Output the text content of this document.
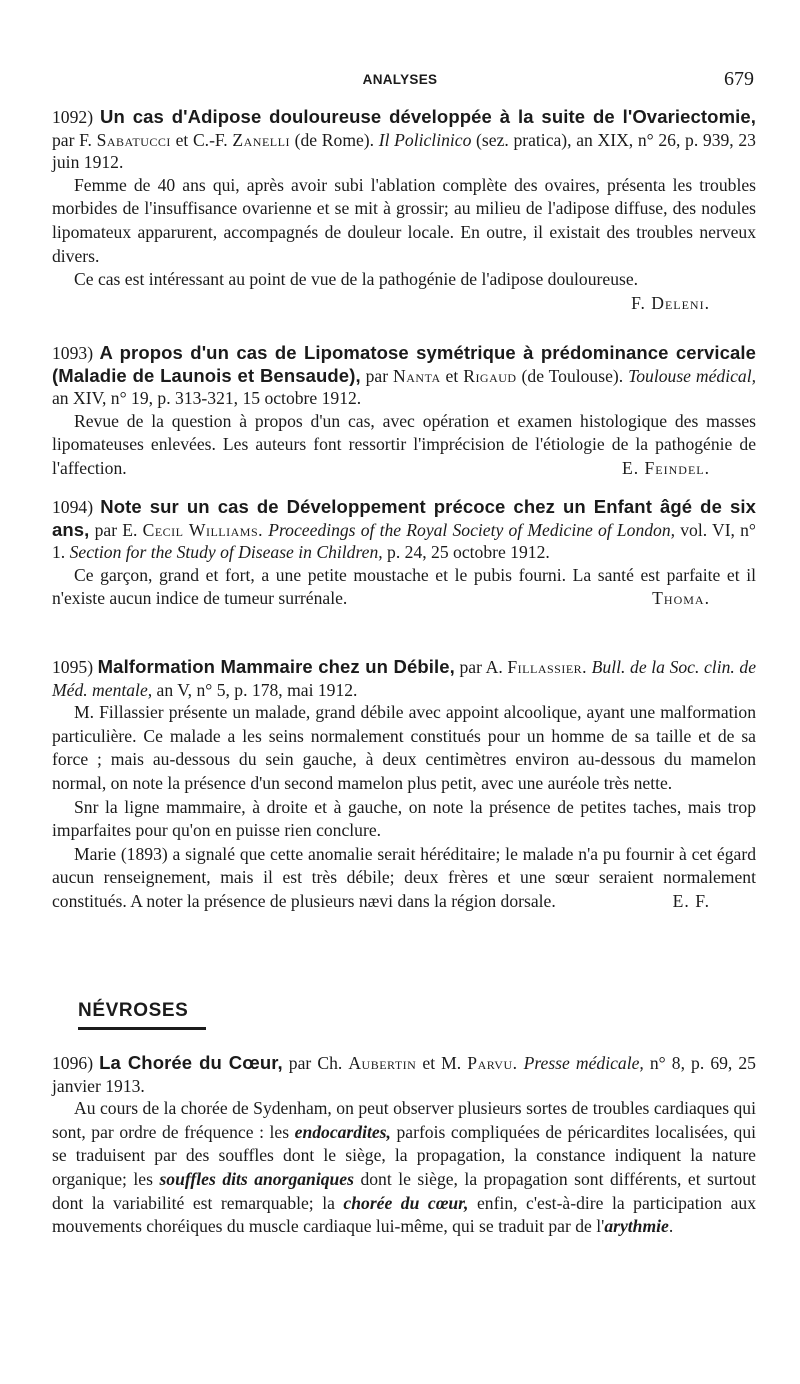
ANALYSES	679

1092) Un cas d'Adipose douloureuse développée à la suite de l'Ovariectomie, par F. Sabatucci et C.-F. Zanelli (de Rome). Il Policlinico (sez. pratica), an XIX, n° 26, p. 939, 23 juin 1912.

Femme de 40 ans qui, après avoir subi l'ablation complète des ovaires, présenta les troubles morbides de l'insuffisance ovarienne et se mit à grossir; au milieu de l'adipose diffuse, des nodules lipomateux apparurent, accompagnés de douleur locale. En outre, il existait des troubles nerveux divers.

Ce cas est intéressant au point de vue de la pathogénie de l'adipose douloureuse.
F. Deleni.

1093) A propos d'un cas de Lipomatose symétrique à prédominance cervicale (Maladie de Launois et Bensaude), par Nanta et Rigaud (de Toulouse). Toulouse médical, an XIV, n° 19, p. 313-321, 15 octobre 1912.

Revue de la question à propos d'un cas, avec opération et examen histologique des masses lipomateuses enlevées. Les auteurs font ressortir l'imprécision de l'étiologie de la pathogénie de l'affection.	E. Feindel.

1094) Note sur un cas de Développement précoce chez un Enfant âgé de six ans, par E. Cecil Williams. Proceedings of the Royal Society of Medicine of London, vol. VI, n° 1. Section for the Study of Disease in Children, p. 24, 25 octobre 1912.

Ce garçon, grand et fort, a une petite moustache et le pubis fourni. La santé est parfaite et il n'existe aucun indice de tumeur surrénale.	Thoma.

1095) Malformation Mammaire chez un Débile, par A. Fillassier. Bull. de la Soc. clin. de Méd. mentale, an V, n° 5, p. 178, mai 1912.

M. Fillassier présente un malade, grand débile avec appoint alcoolique, ayant une malformation particulière. Ce malade a les seins normalement constitués pour un homme de sa taille et de sa force ; mais au-dessous du sein gauche, à deux centimètres environ au-dessous du mamelon normal, on note la présence d'un second mamelon plus petit, avec une auréole très nette.

Snr la ligne mammaire, à droite et à gauche, on note la présence de petites taches, mais trop imparfaites pour qu'on en puisse rien conclure.

Marie (1893) a signalé que cette anomalie serait héréditaire; le malade n'a pu fournir à cet égard aucun renseignement, mais il est très débile; deux frères et une sœur seraient normalement constitués. A noter la présence de plusieurs nævi dans la région dorsale.	E. F.

NÉVROSES

1096) La Chorée du Cœur, par Ch. Aubertin et M. Parvu. Presse médicale, n° 8, p. 69, 25 janvier 1913.

Au cours de la chorée de Sydenham, on peut observer plusieurs sortes de troubles cardiaques qui sont, par ordre de fréquence : les endocardites, parfois compliquées de péricardites localisées, qui se traduisent par des souffles dont le siège, la propagation, la constance indiquent la nature organique; les souffles dits anorganiques dont le siège, la propagation sont différents, et surtout dont la variabilité est remarquable; la chorée du cœur, enfin, c'est-à-dire la participation aux mouvements choréiques du muscle cardiaque lui-même, qui se traduit par de l'arythmie.
